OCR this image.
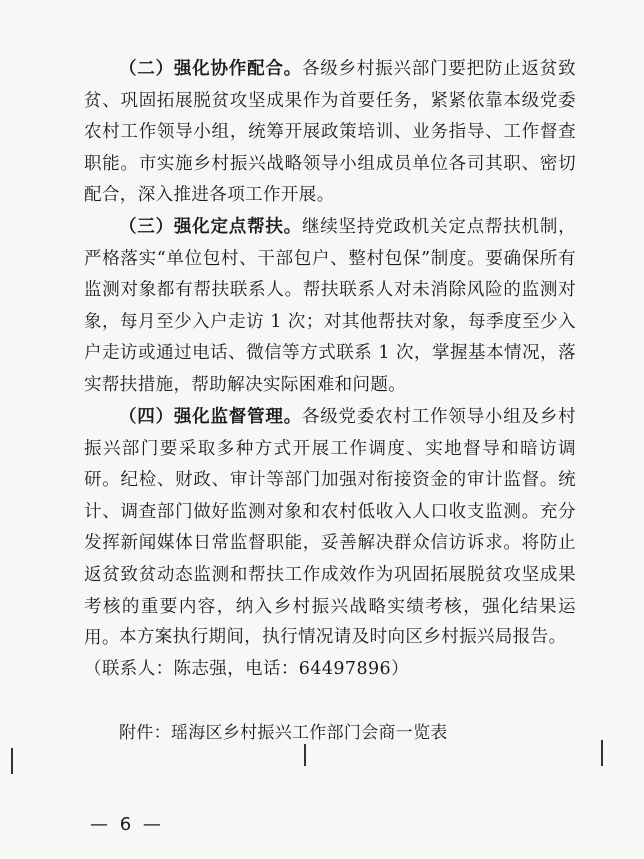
（二）强化协作配合。各级乡村振兴部门要把防止返贫致贫、巩固拓展脱贫攻坚成果作为首要任务，紧紧依靠本级党委农村工作领导小组，统筹开展政策培训、业务指导、工作督查职能。市实施乡村振兴战略领导小组成员单位各司其职、密切配合，深入推进各项工作开展。

（三）强化定点帮扶。继续坚持党政机关定点帮扶机制，严格落实“单位包村、干部包户、整村包保”制度。要确保所有监测对象都有帮扶联系人。帮扶联系人对未消除风险的监测对象，每月至少入户走访 1 次；对其他帮扶对象，每季度至少入户走访或通过电话、微信等方式联系 1 次，掌握基本情况，落实帮扶措施，帮助解决实际困难和问题。

（四）强化监督管理。各级党委农村工作领导小组及乡村振兴部门要采取多种方式开展工作调度、实地督导和暗访调研。纪检、财政、审计等部门加强对衔接资金的审计监督。统计、调查部门做好监测对象和农村低收入人口收支监测。充分发挥新闻媒体日常监督职能，妥善解决群众信访诉求。将防止返贫致贫动态监测和帮扶工作成效作为巩固拓展脱贫攻坚成果考核的重要内容，纳入乡村振兴战略实绩考核，强化结果运用。 本方案执行期间，执行情况请及时向区乡村振兴局报告。

（联系人：陈志强，电话：64497896）
附件：瑶海区乡村振兴工作部门会商一览表
— 6 —
